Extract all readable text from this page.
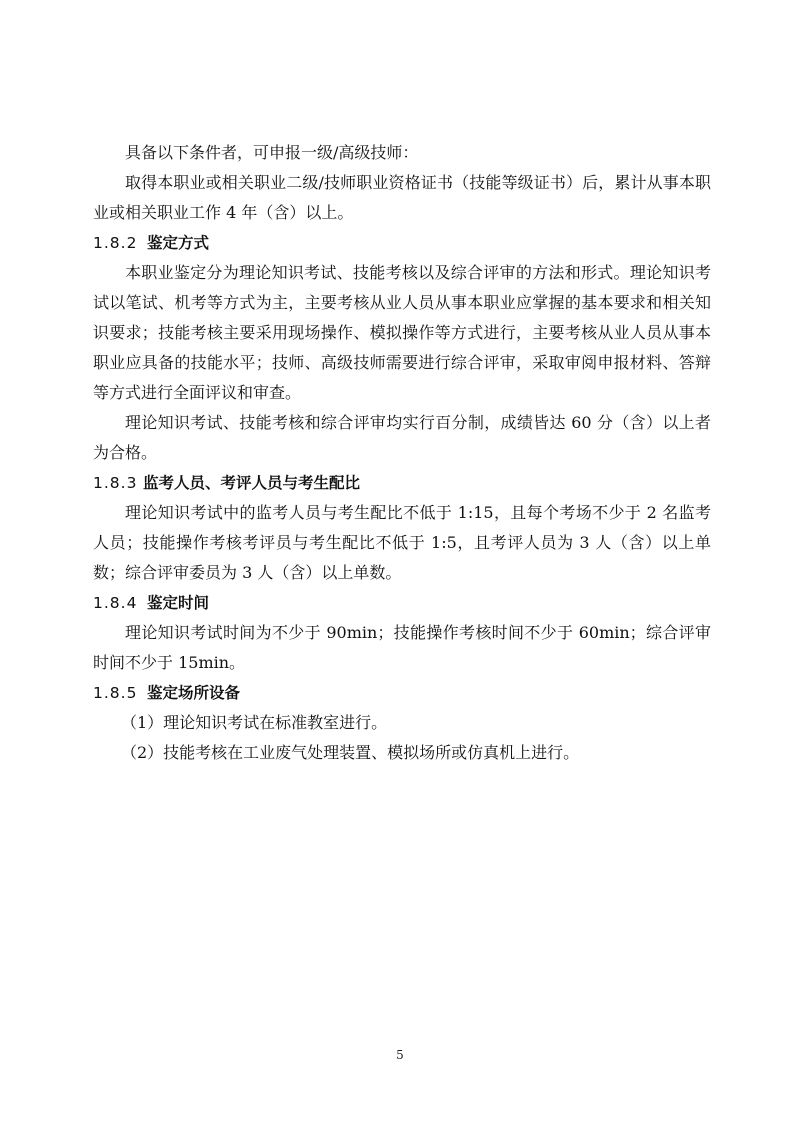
具备以下条件者，可申报一级/高级技师：

取得本职业或相关职业二级/技师职业资格证书（技能等级证书）后，累计从事本职业或相关职业工作 4 年（含）以上。

1.8.2 鉴定方式

本职业鉴定分为理论知识考试、技能考核以及综合评审的方法和形式。理论知识考试以笔试、机考等方式为主，主要考核从业人员从事本职业应掌握的基本要求和相关知识要求；技能考核主要采用现场操作、模拟操作等方式进行，主要考核从业人员从事本职业应具备的技能水平；技师、高级技师需要进行综合评审，采取审阅申报材料、答辩等方式进行全面评议和审查。

理论知识考试、技能考核和综合评审均实行百分制，成绩皆达 60 分（含）以上者为合格。

1.8.3 监考人员、考评人员与考生配比

理论知识考试中的监考人员与考生配比不低于 1:15，且每个考场不少于 2 名监考人员；技能操作考核考评员与考生配比不低于 1:5，且考评人员为 3 人（含）以上单数；综合评审委员为 3 人（含）以上单数。

1.8.4 鉴定时间

理论知识考试时间为不少于 90min；技能操作考核时间不少于 60min；综合评审时间不少于 15min。

1.8.5 鉴定场所设备

（1）理论知识考试在标准教室进行。

（2）技能考核在工业废气处理装置、模拟场所或仿真机上进行。

5
